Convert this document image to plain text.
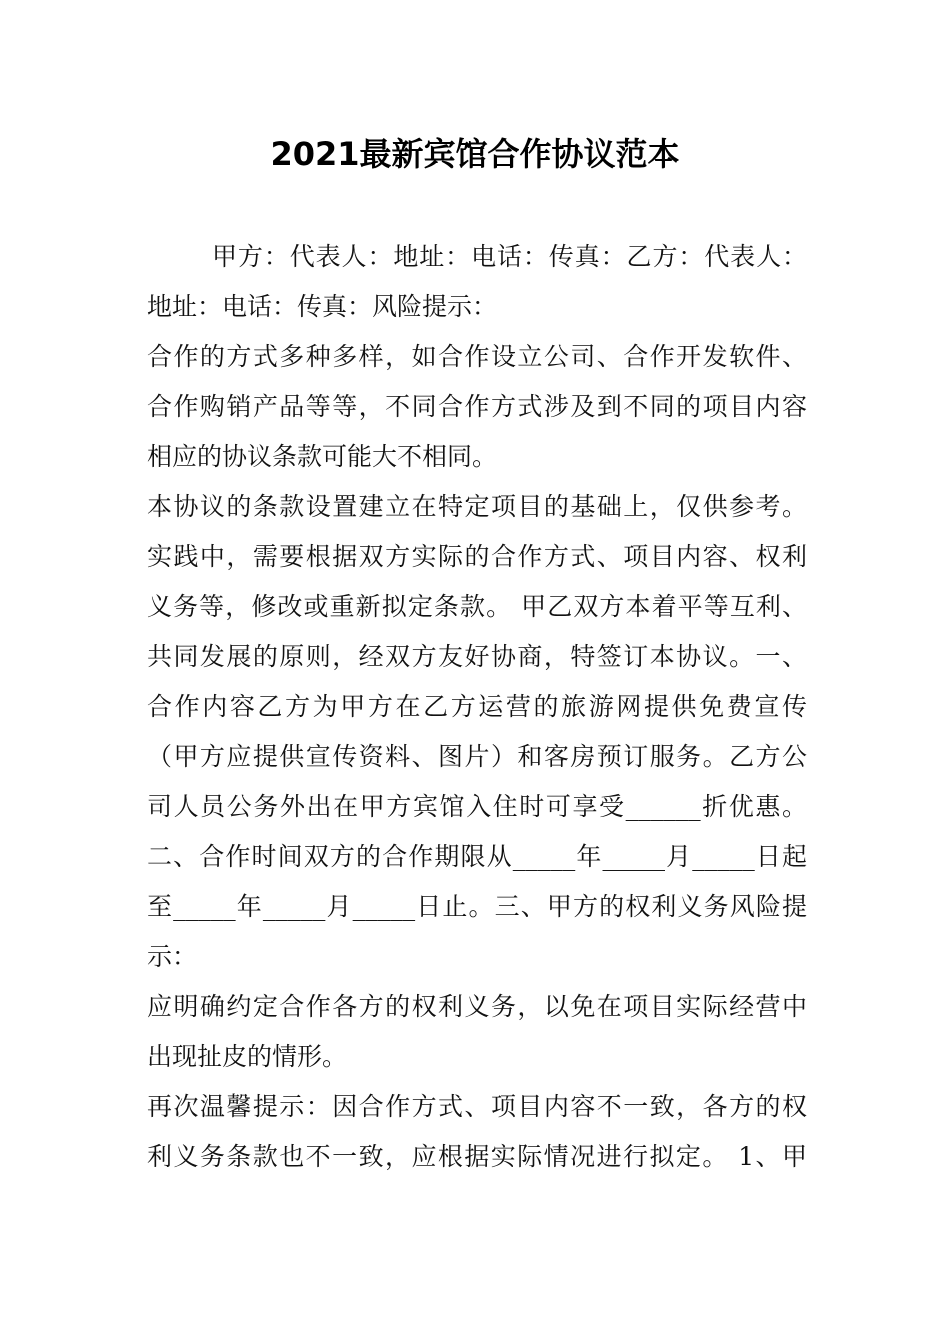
2021最新宾馆合作协议范本
甲方：代表人：地址：电话：传真：乙方：代表人：
地址：电话：传真：风险提示：
合作的方式多种多样，如合作设立公司、合作开发软件、
合作购销产品等等，不同合作方式涉及到不同的项目内容
相应的协议条款可能大不相同。
本协议的条款设置建立在特定项目的基础上，仅供参考。
实践中，需要根据双方实际的合作方式、项目内容、权利
义务等，修改或重新拟定条款。 甲乙双方本着平等互利、
共同发展的原则，经双方友好协商，特签订本协议。一、
合作内容乙方为甲方在乙方运营的旅游网提供免费宣传
（甲方应提供宣传资料、图片）和客房预订服务。乙方公
司人员公务外出在甲方宾馆入住时可享受______折优惠。
二、合作时间双方的合作期限从_____年_____月_____日起
至_____年_____月_____日止。三、甲方的权利义务风险提
示：
应明确约定合作各方的权利义务，以免在项目实际经营中
出现扯皮的情形。
再次温馨提示：因合作方式、项目内容不一致，各方的权
利义务条款也不一致，应根据实际情况进行拟定。 1、甲
